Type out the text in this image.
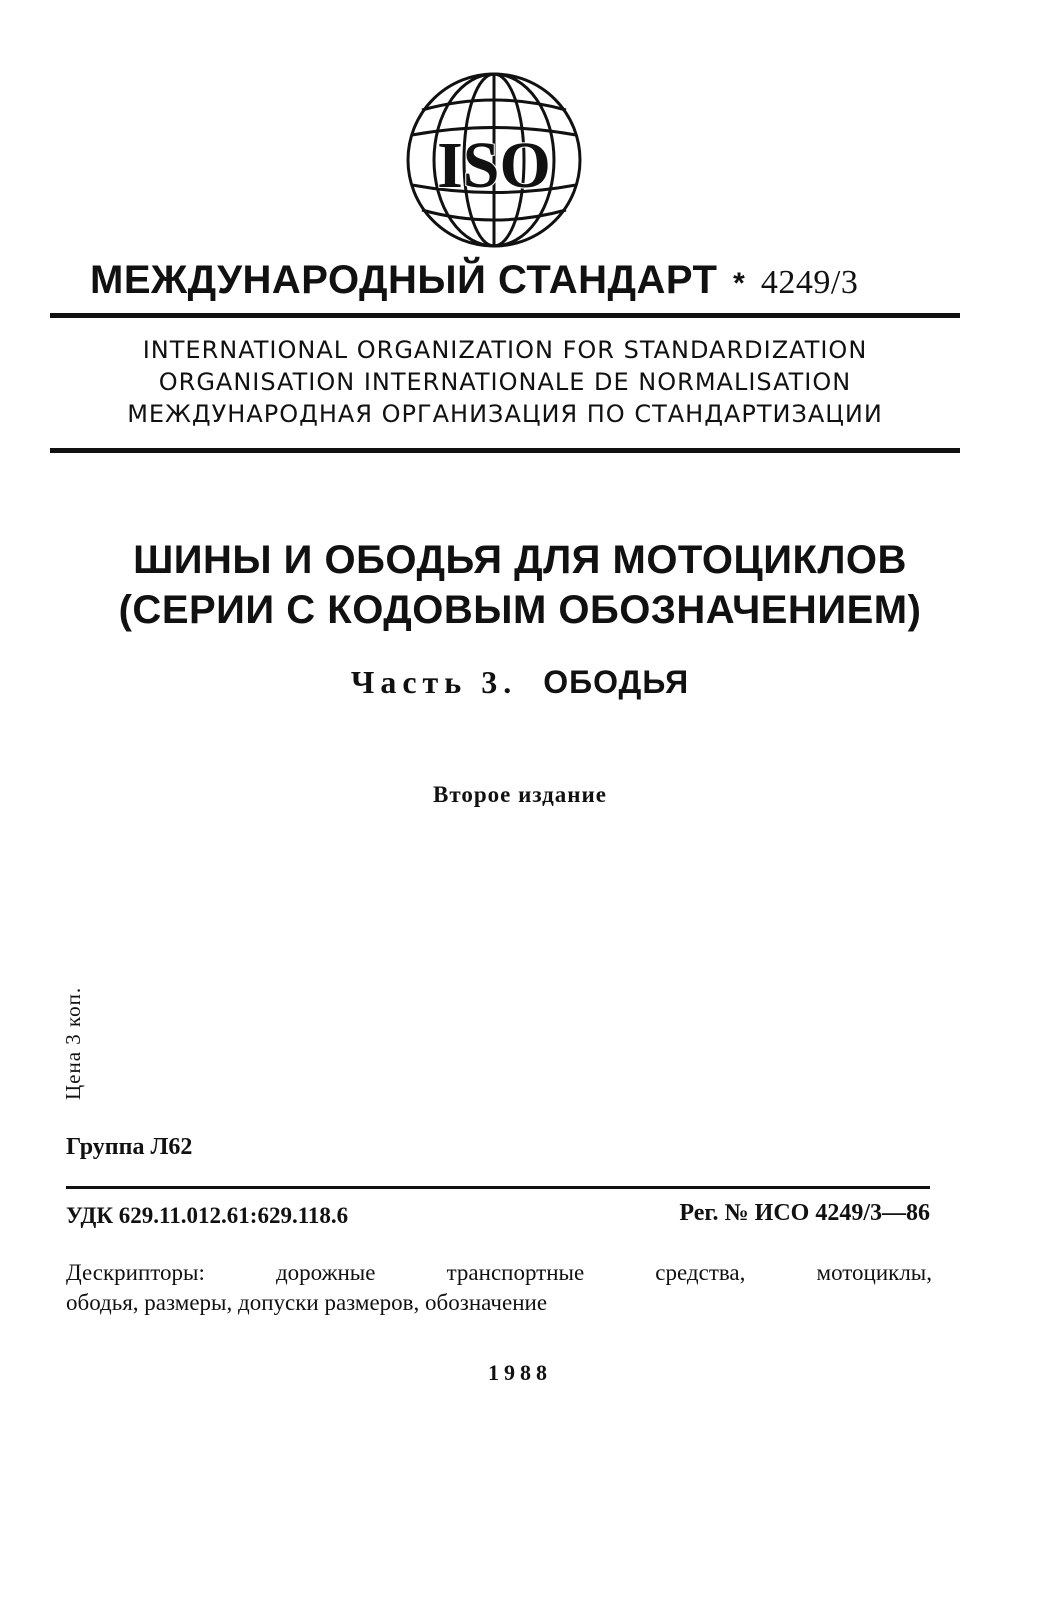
ISO
МЕЖДУНАРОДНЫЙ СТАНДАРТ * 4249/3
INTERNATIONAL ORGANIZATION FOR STANDARDIZATION
ORGANISATION INTERNATIONALE DE NORMALISATION
МЕЖДУНАРОДНАЯ ОРГАНИЗАЦИЯ ПО СТАНДАРТИЗАЦИИ
ШИНЫ И ОБОДЬЯ ДЛЯ МОТОЦИКЛОВ
(СЕРИИ С КОДОВЫМ ОБОЗНАЧЕНИЕМ)
Часть 3. ОБОДЬЯ
Второе издание
Цена 3 коп.
Группа Л62
УДК 629.11.012.61:629.118.6	Рег. № ИСО 4249/3—86
Дескрипторы: дорожные транспортные средства, мотоциклы,
ободья, размеры, допуски размеров, обозначение
1988
